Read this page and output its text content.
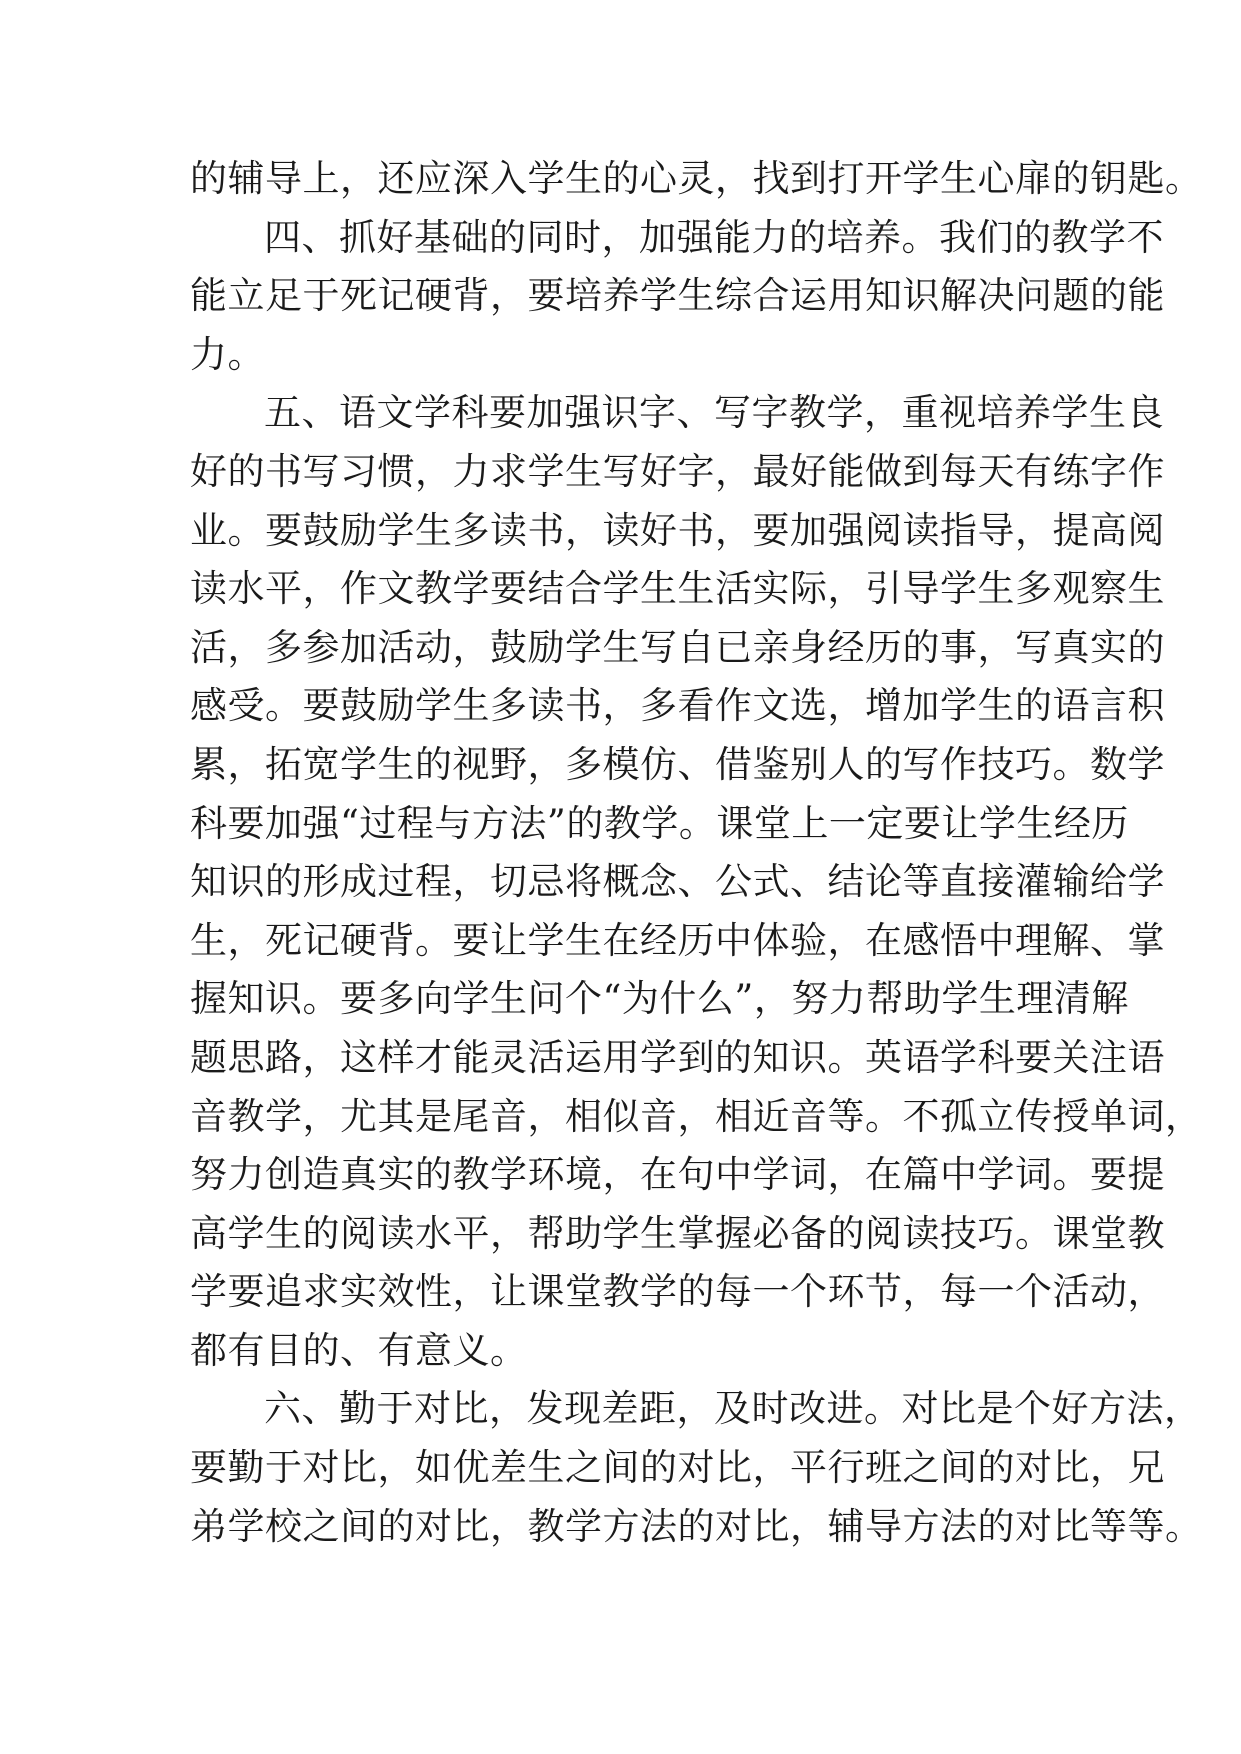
的辅导上，还应深入学生的心灵，找到打开学生心扉的钥匙。
四、抓好基础的同时，加强能力的培养。我们的教学不
能立足于死记硬背，要培养学生综合运用知识解决问题的能
力。
五、语文学科要加强识字、写字教学，重视培养学生良
好的书写习惯，力求学生写好字，最好能做到每天有练字作
业。要鼓励学生多读书，读好书，要加强阅读指导，提高阅
读水平，作文教学要结合学生生活实际，引导学生多观察生
活，多参加活动，鼓励学生写自已亲身经历的事，写真实的
感受。要鼓励学生多读书，多看作文选，增加学生的语言积
累，拓宽学生的视野，多模仿、借鉴别人的写作技巧。数学
科要加强“过程与方法”的教学。课堂上一定要让学生经历
知识的形成过程，切忌将概念、公式、结论等直接灌输给学
生，死记硬背。要让学生在经历中体验，在感悟中理解、掌
握知识。要多向学生问个“为什么”，努力帮助学生理清解
题思路，这样才能灵活运用学到的知识。英语学科要关注语
音教学，尤其是尾音，相似音，相近音等。不孤立传授单词，
努力创造真实的教学环境，在句中学词，在篇中学词。要提
高学生的阅读水平，帮助学生掌握必备的阅读技巧。课堂教
学要追求实效性，让课堂教学的每一个环节，每一个活动，
都有目的、有意义。
六、勤于对比，发现差距，及时改进。对比是个好方法，
要勤于对比，如优差生之间的对比，平行班之间的对比，兄
弟学校之间的对比，教学方法的对比，辅导方法的对比等等。
